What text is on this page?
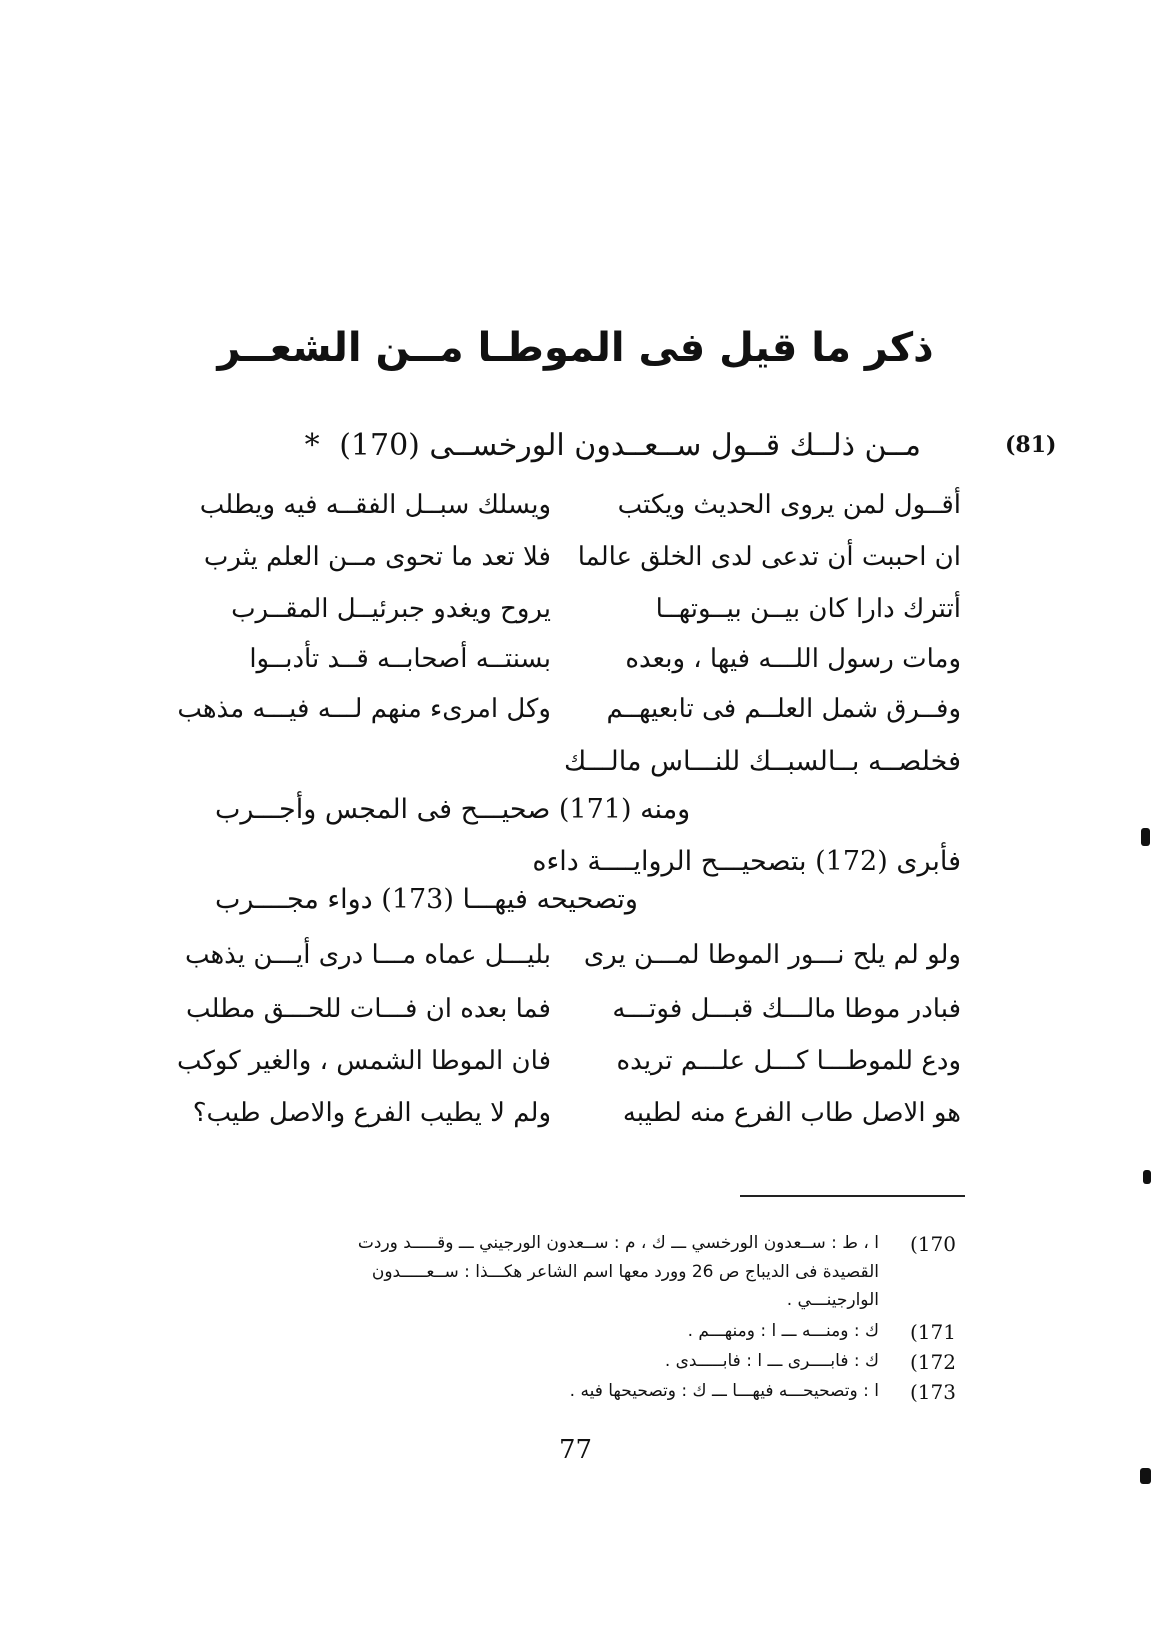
ذكر ما قيل فى الموطـا مــن الشعــر
(81)
مــن ذلــك قــول ســعــدون الورخســى (170) *
أقــول لمن يروى الحديث ويكتب
ويسلك سبــل الفقــه فيه ويطلب
ان احببت أن تدعى لدى الخلق عالما
فلا تعد ما تحوى مــن العلم يثرب
أتترك دارا كان بيــن بيــوتهــا
يروح ويغدو جبرئيــل المقــرب
ومات رسول اللـــه فيها ، وبعده
بسنتــه أصحابــه قــد تأدبــوا
وفــرق شمل العلــم فى تابعيهــم
وكل امرىء منهم لـــه فيـــه مذهب
فخلصــه بــالسبــك للنـــاس مالـــك
ومنه (171) صحيـــح فى المجس وأجـــرب
فأبرى (172) بتصحيـــح الروايــــة داءه
وتصحيحه فيهـــا (173) دواء مجــــرب
ولو لم يلح نـــور الموطا لمـــن يرى
بليـــل عماه مـــا درى أيـــن يذهب
فبادر موطا مالـــك قبـــل فوتـــه
فما بعده ان فـــات للحـــق مطلب
ودع للموطـــا كـــل علـــم تريده
فان الموطا الشمس ، والغير كوكب
هو الاصل طاب الفرع منه لطيبه
ولم لا يطيب الفرع والاصل طيب؟
(170
ا ، ط : ســعدون الورخسي ـــ ك ، م : ســعدون الورجيني ـــ وقـــــد وردت
القصيدة فى الديباج ص 26 وورد معها اسم الشاعر هكـــذا : ســعـــــدون
الوارجينـــي .
(171
ك : ومنـــه ـــ ا : ومنهـــم .
(172
ك : فابــــرى ـــ ا : فابـــــدى .
(173
ا : وتصحيحـــه فيهـــا ـــ ك : وتصحيحها فيه .
77
